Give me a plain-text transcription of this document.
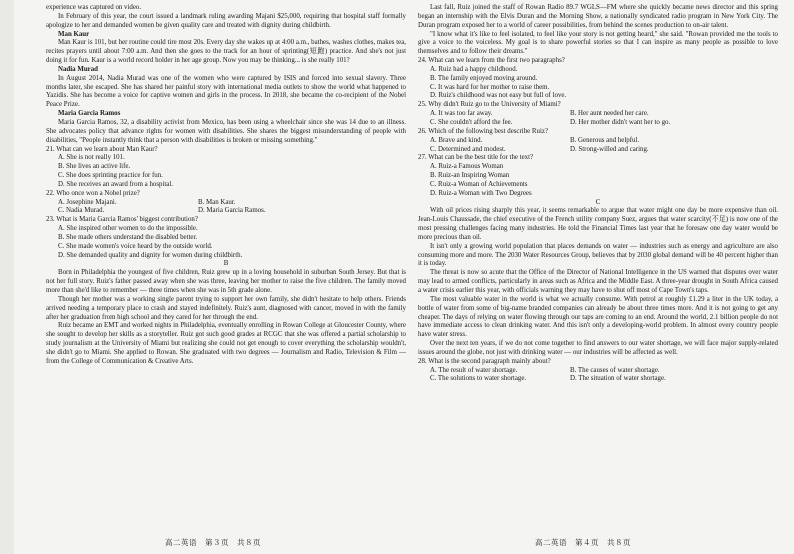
experience was captured on video.

In February of this year, the court issued a landmark ruling awarding Majani $25,000, requiring that hospital staff formally apologize to her and demanded women be given quality care and treated with dignity during childbirth.

Man Kaur

Man Kaur is 101, but her routine could tire most 20s. Every day she wakes up at 4:00 a.m., bathes, washes clothes, makes tea, recites prayers until about 7:00 a.m. And then she goes to the track for an hour of sprinting(短跑) practice. And she's not just doing it for fun. Kaur is a world record holder in her age group. Now you may be thinking... is she really 101?

Nadia Murad

In August 2014, Nadia Murad was one of the women who were captured by ISIS and forced into sexual slavery. Three months later, she escaped. She has shared her painful story with international media outlets to show the world what happened to Yazidis. She has become a voice for captive women and girls in the process. In 2018, she became the co-recipient of the Nobel Peace Prize.

Maria Garcia Ramos

Maria Garcia Ramos, 32, a disability activist from Mexico, has been using a wheelchair since she was 14 due to an illness. She advocates policy that advance rights for women with disabilities. She shares the biggest misunderstanding of people with disabilities, "People instantly think that a person with disabilities is broken or missing something."

21. What can we learn about Man Kaur?

A. She is not really 101.

B. She lives an active life.

C. She does sprinting practice for fun.

D. She receives an award from a hospital.

22. Who once won a Nobel prize?

A. Josephine Majani.	B. Man Kaur.
C. Nadia Murad.	D. Maria Garcia Ramos.

23. What is Maria Garcia Ramos' biggest contribution?

A. She inspired other women to do the impossible.

B. She made others understand the disabled better.

C. She made women's voice heard by the outside world.

D. She demanded quality and dignity for women during childbirth.

B

Born in Philadelphia the youngest of five children, Ruiz grew up in a loving household in suburban South Jersey. But that is not her full story. Ruiz's father passed away when she was three, leaving her mother to raise the five children. The family moved more than she'd like to remember — three times when she was in 5th grade alone.

Though her mother was a working single parent trying to support her own family, she didn't hesitate to help others. Friends arrived needing a temporary place to crash and stayed indefinitely. Ruiz's aunt, diagnosed with cancer, moved in with the family after her graduation from high school and they cared for her through the end.

Ruiz became an EMT and worked nights in Philadelphia, eventually enrolling in Rowan College at Gloucester County, where she sought to develop her skills as a storyteller. Ruiz got such good grades at RCGC that she was offered a partial scholarship to study journalism at the University of Miami but realizing she could not get enough to cover everything the scholarship wouldn't, she didn't go to Miami. She applied to Rowan. She graduated with two degrees — Journalism and Radio, Television & Film — from the College of Communication & Creative Arts.

高二英语　第３页　共８页

Last fall, Ruiz joined the staff of Rowan Radio 89.7 WGLS—FM where she quickly became news director and this spring began an internship with the Elvis Duran and the Morning Show, a nationally syndicated radio program in New York City. The Duran program exposed her to a world of career possibilities, from behind the scenes production to on-air talent.

"I know what it's like to feel isolated, to feel like your story is not getting heard," she said. "Rowan provided me the tools to give a voice to the voiceless. My goal is to share powerful stories so that I can inspire as many people as possible to love themselves and to follow their dreams."

24. What can we learn from the first two paragraphs?

A. Ruiz had a happy childhood.

B. The family enjoyed moving around.

C. It was hard for her mother to raise them.

D. Ruiz's childhood was not easy but full of love.

25. Why didn't Ruiz go to the University of Miami?

A. It was too far away.	B. Her aunt needed her care.
C. She couldn't afford the fee.	D. Her mother didn't want her to go.

26. Which of the following best describe Ruiz?

A. Brave and kind.	B. Generous and helpful.
C. Determined and modest.	D. Strong-willed and caring.

27. What can be the best title for the text?

A. Ruiz-a Famous Woman

B. Ruiz-an Inspiring Woman

C. Ruiz-a Woman of Achievements

D. Ruiz-a Woman with Two Degrees

C

With oil prices rising sharply this year, it seems remarkable to argue that water might one day be more expensive than oil. Jean-Louis Chaussade, the chief executive of the French utility company Suez, argues that water scarcity(不足) is now one of the most pressing challenges facing many industries. He told the Financial Times last year that he foresaw one day water would be more precious than oil.

It isn't only a growing world population that places demands on water — industries such as energy and agriculture are also consuming more and more. The 2030 Water Resources Group, believes that by 2030 global demand will be 40 percent higher than it is today.

The threat is now so acute that the Office of the Director of National Intelligence in the US warned that disputes over water may lead to armed conflicts, particularly in areas such as Africa and the Middle East. A three-year drought in South Africa caused a water crisis earlier this year, with officials warning they may have to shut off most of Cape Town's taps.

The most valuable water in the world is what we actually consume. With petrol at roughly £1.29 a liter in the UK today, a bottle of water from some of big-name branded companies can already be about three times more. And it is not going to get any cheaper. The days of relying on water flowing through our taps are coming to an end. Around the world, 2.1 billion people do not have immediate access to clean drinking water. And this isn't only a developing-world problem. In almost every country people have water stress.

Over the next ten years, if we do not come together to find answers to our water shortage, we will face major supply-related issues around the globe, not just with drinking water — our industries will be affected as well.

28. What is the second paragraph mainly about?

A. The result of water shortage.	B. The causes of water shortage.
C. The solutions to water shortage.	D. The situation of water shortage.
高二英语　第４页　共８页
